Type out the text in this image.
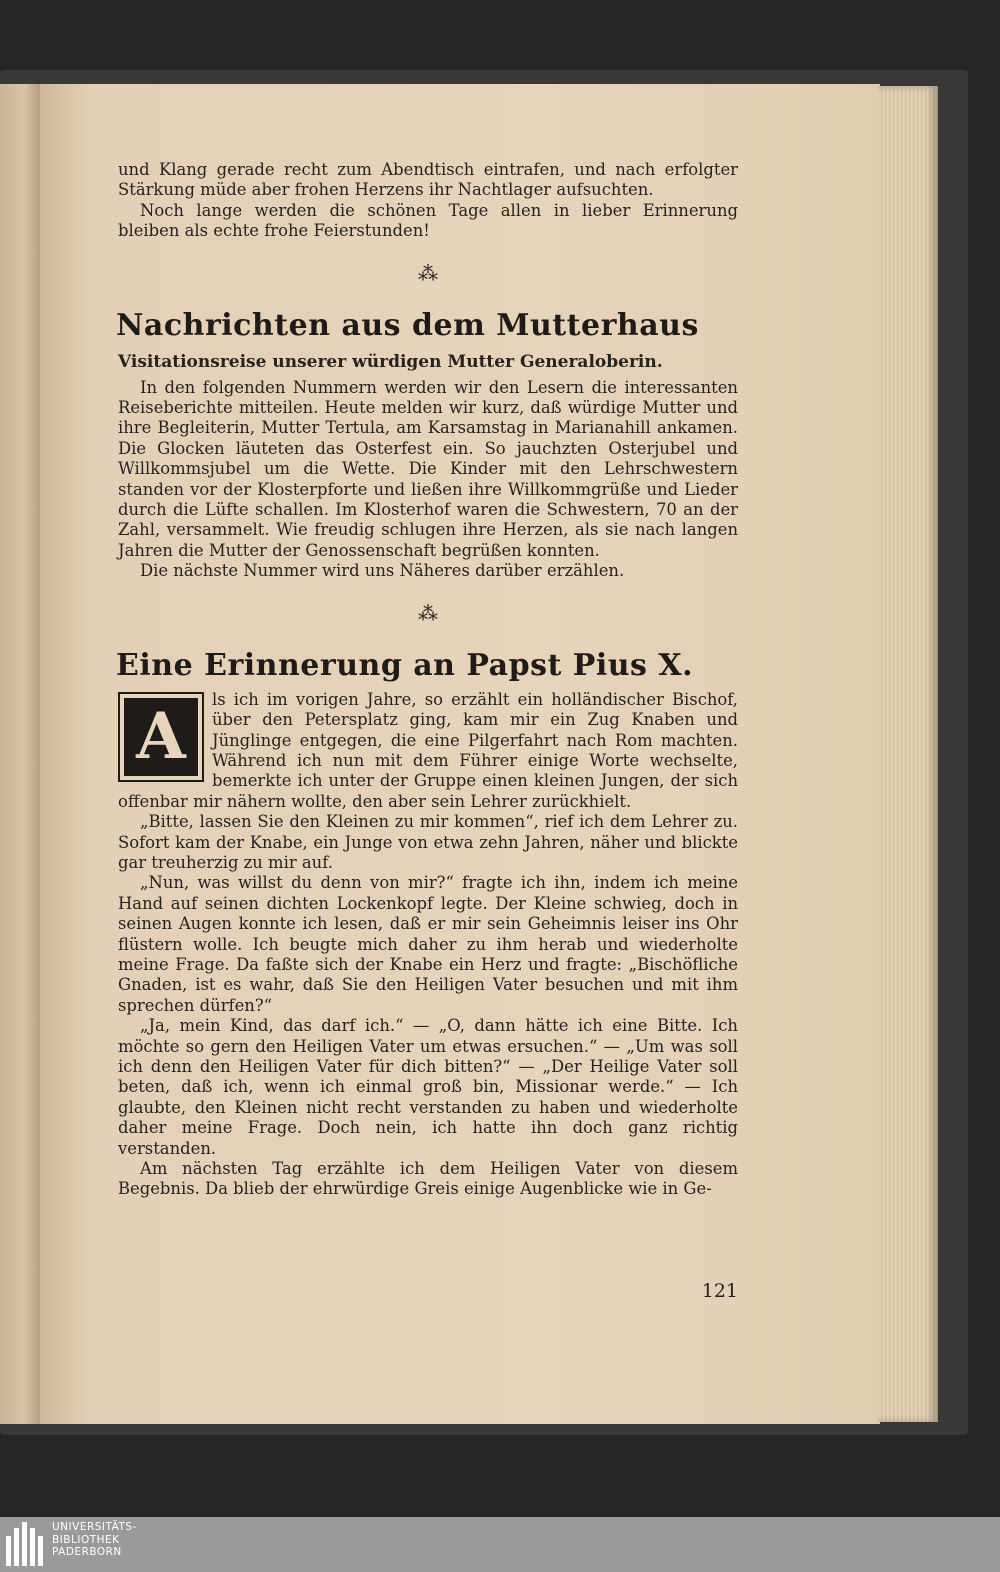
und Klang gerade recht zum Abendtisch eintrafen, und nach erfolgter Stärkung müde aber frohen Herzens ihr Nachtlager aufsuchten.

Noch lange werden die schönen Tage allen in lieber Erinnerung bleiben als echte frohe Feierstunden!

⁂
Nachrichten aus dem Mutterhaus
Visitationsreise unserer würdigen Mutter Generaloberin.

In den folgenden Nummern werden wir den Lesern die interessanten Reiseberichte mitteilen. Heute melden wir kurz, daß würdige Mutter und ihre Begleiterin, Mutter Tertula, am Karsamstag in Marianahill ankamen. Die Glocken läuteten das Osterfest ein. So jauchzten Osterjubel und Willkommsjubel um die Wette. Die Kinder mit den Lehrschwestern standen vor der Klosterpforte und ließen ihre Willkommgrüße und Lieder durch die Lüfte schallen. Im Klosterhof waren die Schwestern, 70 an der Zahl, versammelt. Wie freudig schlugen ihre Herzen, als sie nach langen Jahren die Mutter der Genossenschaft begrüßen konnten.

Die nächste Nummer wird uns Näheres darüber erzählen.

⁂
Eine Erinnerung an Papst Pius X.
A	ls ich im vorigen Jahre, so erzählt ein holländischer Bischof, über den Petersplatz ging, kam mir ein Zug Knaben und Jünglinge entgegen, die eine Pilgerfahrt nach Rom machten. Während ich nun mit dem Führer einige Worte wechselte, bemerkte ich unter der Gruppe einen kleinen Jungen, der sich offenbar mir nähern wollte, den aber sein Lehrer zurückhielt.

„Bitte, lassen Sie den Kleinen zu mir kommen“, rief ich dem Lehrer zu. Sofort kam der Knabe, ein Junge von etwa zehn Jahren, näher und blickte gar treuherzig zu mir auf.

„Nun, was willst du denn von mir?“ fragte ich ihn, indem ich meine Hand auf seinen dichten Lockenkopf legte. Der Kleine schwieg, doch in seinen Augen konnte ich lesen, daß er mir sein Geheimnis leiser ins Ohr flüstern wolle. Ich beugte mich daher zu ihm herab und wiederholte meine Frage. Da faßte sich der Knabe ein Herz und fragte: „Bischöfliche Gnaden, ist es wahr, daß Sie den Heiligen Vater besuchen und mit ihm sprechen dürfen?“

„Ja, mein Kind, das darf ich.“ — „O, dann hätte ich eine Bitte. Ich möchte so gern den Heiligen Vater um etwas ersuchen.“ — „Um was soll ich denn den Heiligen Vater für dich bitten?“ — „Der Heilige Vater soll beten, daß ich, wenn ich einmal groß bin, Missionar werde.“ — Ich glaubte, den Kleinen nicht recht verstanden zu haben und wiederholte daher meine Frage. Doch nein, ich hatte ihn doch ganz richtig verstanden.

Am nächsten Tag erzählte ich dem Heiligen Vater von diesem Begebnis. Da blieb der ehrwürdige Greis einige Augenblicke wie in Ge-

121
UNIVERSITÄTS-
BIBLIOTHEK
PADERBORN
